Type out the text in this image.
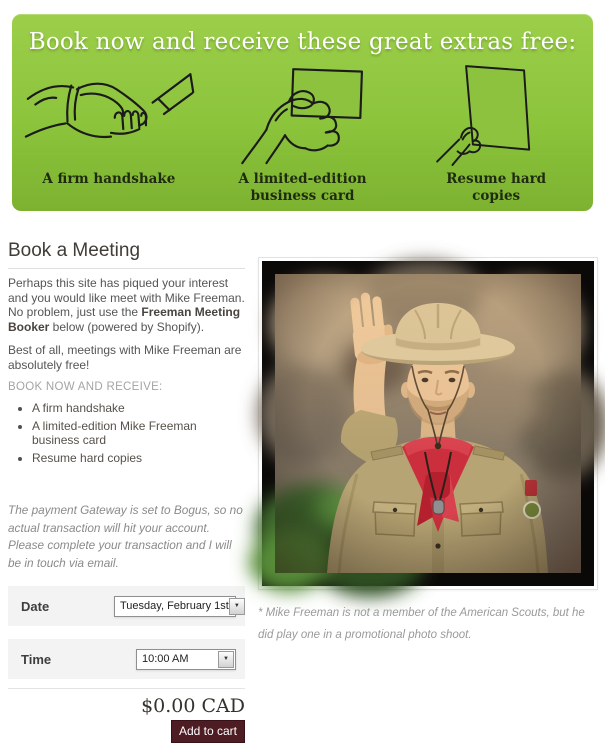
Book now and receive these great extras free:
A firm handshake	A limited-edition business card
Resume hard copies
Book a Meeting

Perhaps this site has piqued your interest and you would like meet with Mike Freeman. No problem, just use the Freeman Meeting Booker below (powered by Shopify).

Best of all, meetings with Mike Freeman are absolutely free!

BOOK NOW AND RECEIVE:
• A firm handshake
• A limited-edition Mike Freeman business card
• Resume hard copies

The payment Gateway is set to Bogus, so no actual transaction will hit your account. Please complete your transaction and I will be in touch via email.

Date	Tuesday, February 1st ▼
Time	10:00 AM	▼
$0.00 CAD
Add to cart
* Mike Freeman is not a member of the American Scouts, but he did play one in a promotional photo shoot.
